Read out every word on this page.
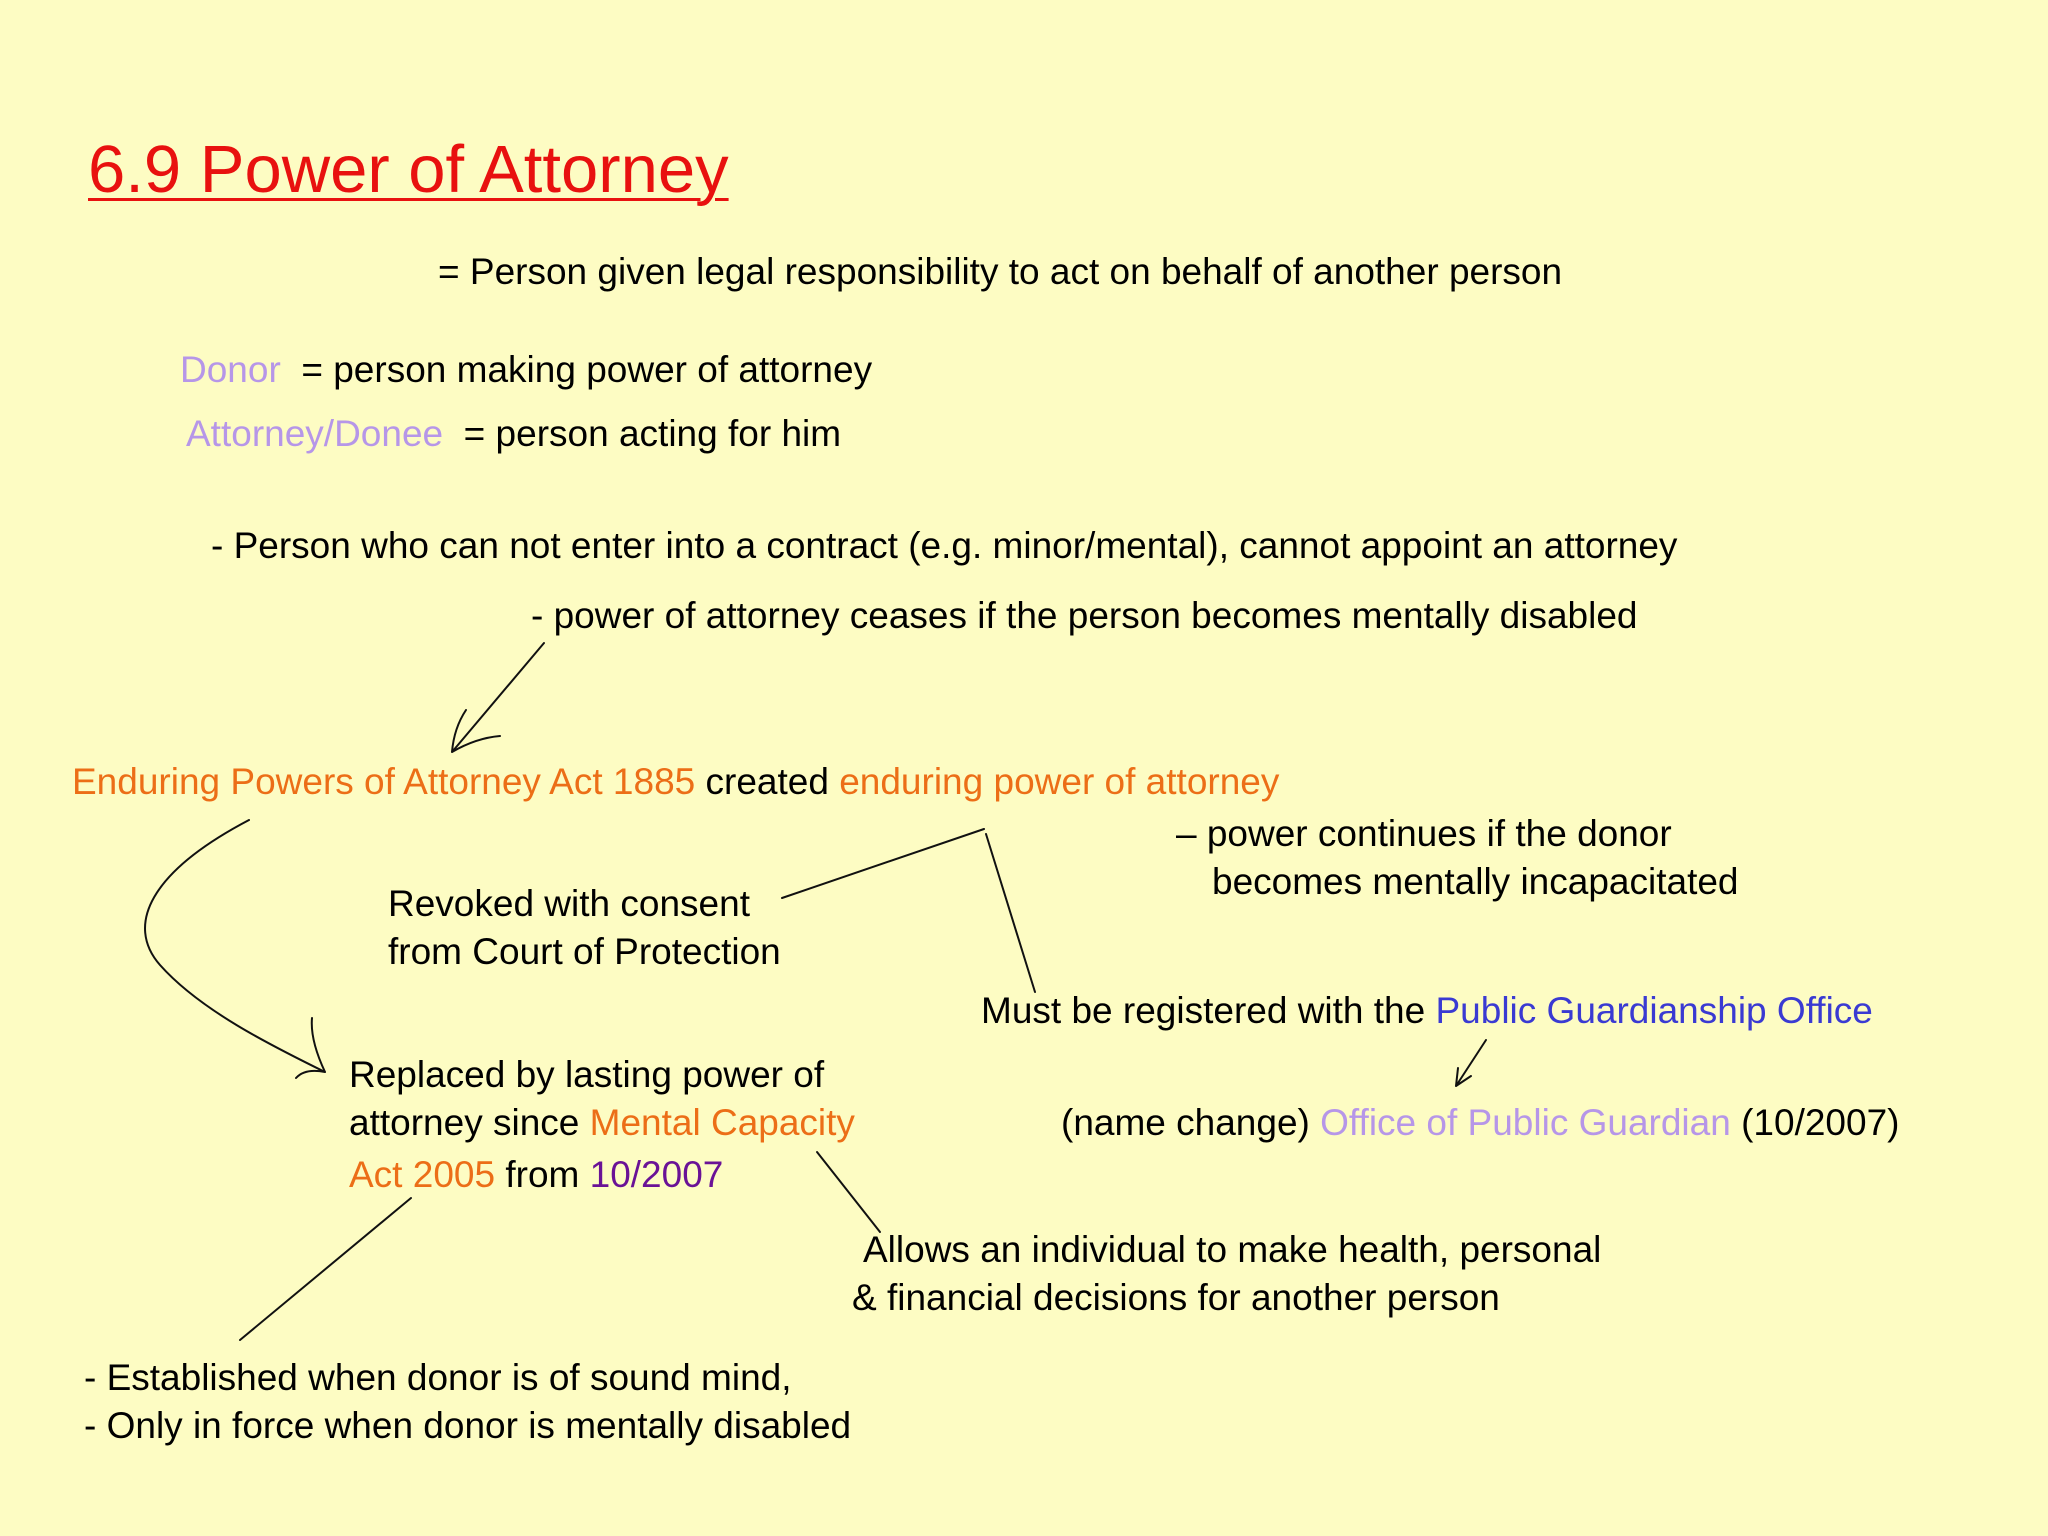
6.9 Power of Attorney

= Person given legal responsibility to act on behalf of another person

Donor = person making power of attorney

Attorney/Donee = person acting for him

- Person who can not enter into a contract (e.g. minor/mental), cannot appoint an attorney

- power of attorney ceases if the person becomes mentally disabled

Enduring Powers of Attorney Act 1885 created enduring power of attorney

– power continues if the donor

becomes mentally incapacitated

Revoked with consent

from Court of Protection

Must be registered with the Public Guardianship Office

(name change) Office of Public Guardian (10/2007)

Replaced by lasting power of

attorney since Mental Capacity

Act 2005 from 10/2007

Allows an individual to make health, personal

& financial decisions for another person

- Established when donor is of sound mind,

- Only in force when donor is mentally disabled
